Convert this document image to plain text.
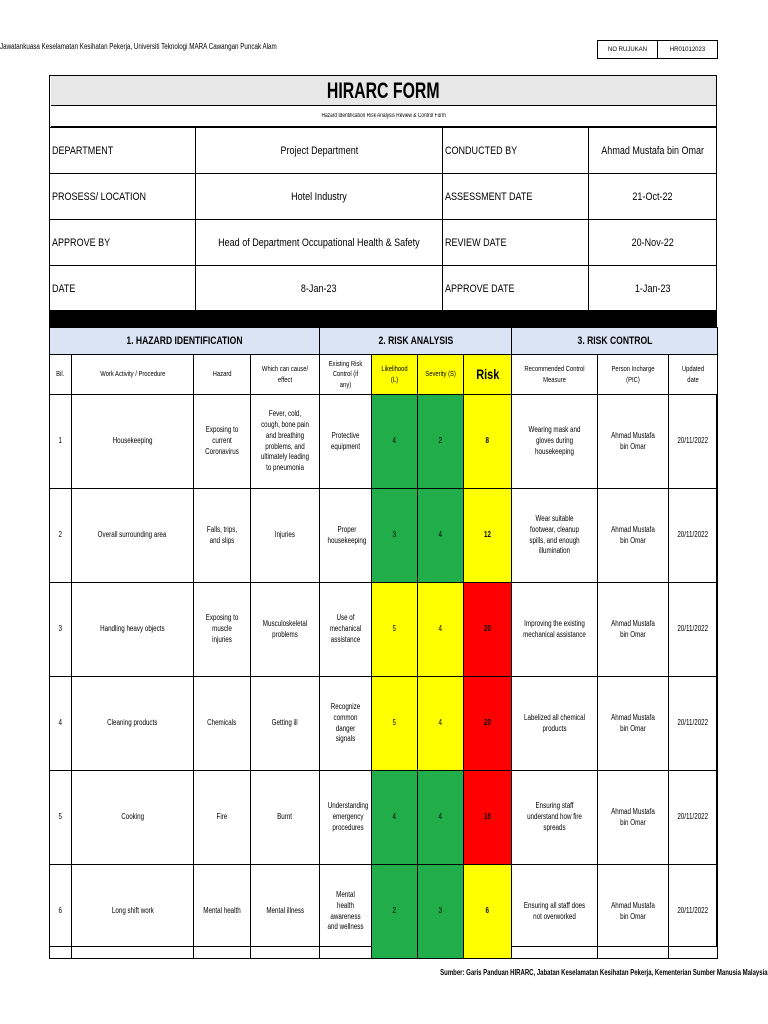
Jawatankuasa Keselamatan Kesihatan Pekerja, Universiti Teknologi MARA Cawangan Puncak Alam	NO RUJUKAN	HR01012023
HIRARC FORM
Hazard Identification Risk Analysis Review & Control Form
DEPARTMENT	Project Department	CONDUCTED BY	Ahmad Mustafa bin Omar
PROSESS/ LOCATION	Hotel Industry	ASSESSMENT DATE	21-Oct-22
APPROVE BY	Head of Department Occupational Health & Safety	REVIEW DATE	20-Nov-22
DATE	8-Jan-23	APPROVE DATE	1-Jan-23
1. HAZARD IDENTIFICATION				2. RISK ANALYSIS				3. RISK CONTROL		
Bil.	Work Activity / Procedure	Hazard	Which can cause/ effect	Existing Risk Control (if any)	Likelihood (L)	Severity (S)	Risk	Recommended Control Measure	Person Incharge (PIC)	Updated date
1	Housekeeping	Exposing to current Coronavirus	Fever, cold, cough, bone pain and breathing problems, and ultimately leading to pneumonia	Protective equipment	4	2	8	Wearing mask and gloves during housekeeping	Ahmad Mustafa bin Omar	20/11/2022
2	Overall surrounding area	Falls, trips, and slips	Injuries	Proper housekeeping	3	4	12	Wear suitable footwear, cleanup spills, and enough illumination	Ahmad Mustafa bin Omar	20/11/2022
3	Handling heavy objects	Exposing to muscle injuries	Musculoskeletal problems	Use of mechanical assistance	5	4	20	Improving the existing mechanical assistance	Ahmad Mustafa bin Omar	20/11/2022
4	Cleaning products	Chemicals	Getting ill	Recognize common danger signals	5	4	20	Labelized all chemical products	Ahmad Mustafa bin Omar	20/11/2022
5	Cooking	Fire	Burnt	Understanding emergency procedures	4	4	16	Ensuring staff understand how fire spreads	Ahmad Mustafa bin Omar	20/11/2022
6	Long shift work	Mental health	Mental illness	Mental health awareness and wellness	2	3	6	Ensuring all staff does not overworked	Ahmad Mustafa bin Omar	20/11/2022
Sumber: Garis Panduan HIRARC, Jabatan Keselamatan Kesihatan Pekerja, Kementerian Sumber Manusia Malaysia
